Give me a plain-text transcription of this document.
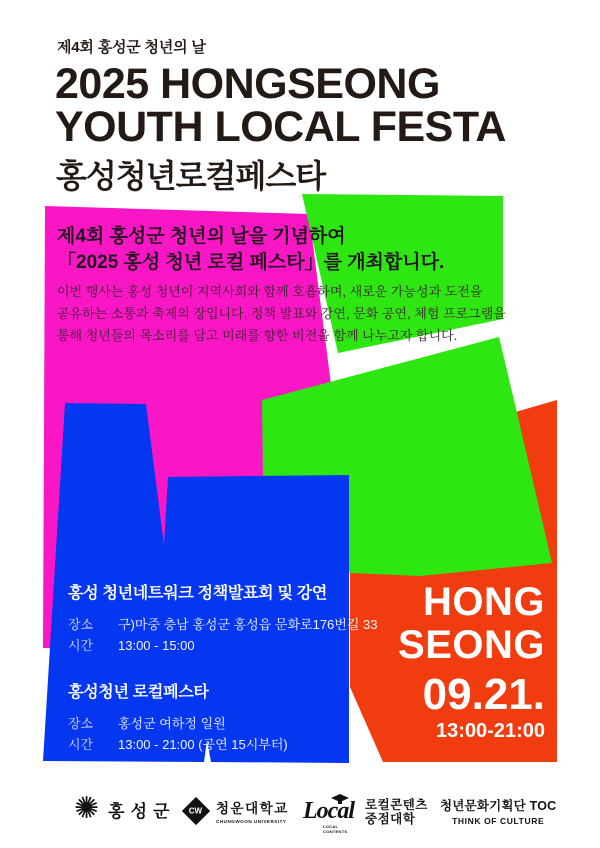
제4회 홍성군 청년의 날
2025 HONGSEONG
YOUTH LOCAL FESTA
홍성청년로컬페스타
제4회 홍성군 청년의 날을 기념하여
「2025 홍성 청년 로컬 페스타」를 개최합니다.
이번 행사는 홍성 청년이 지역사회와 함께 호흡하며, 새로운 가능성과 도전을
공유하는 소통과 축제의 장입니다. 정책 발표와 강연, 문화 공연, 체험 프로그램을
통해 청년들의 목소리를 담고 미래를 향한 비전을 함께 나누고자 합니다.
홍성 청년네트워크 정책발표회 및 강연
장소	구)마중 충남 홍성군 홍성읍 문화로176번길 33
시간	13:00 - 15:00
홍성청년 로컬페스타
장소	홍성군 여하정 일원
시간	13:00 - 21:00 (공연 15시부터)
HONG
SEONG
09.21.
13:00-21:00
✺ 홍성군 CW 청운대학교
CHUNGWOON UNIVERSITY Local
LOCAL CONTENTS
로컬콘텐츠
중점대학
청년문화기획단 TOC
THINK OF CULTURE
